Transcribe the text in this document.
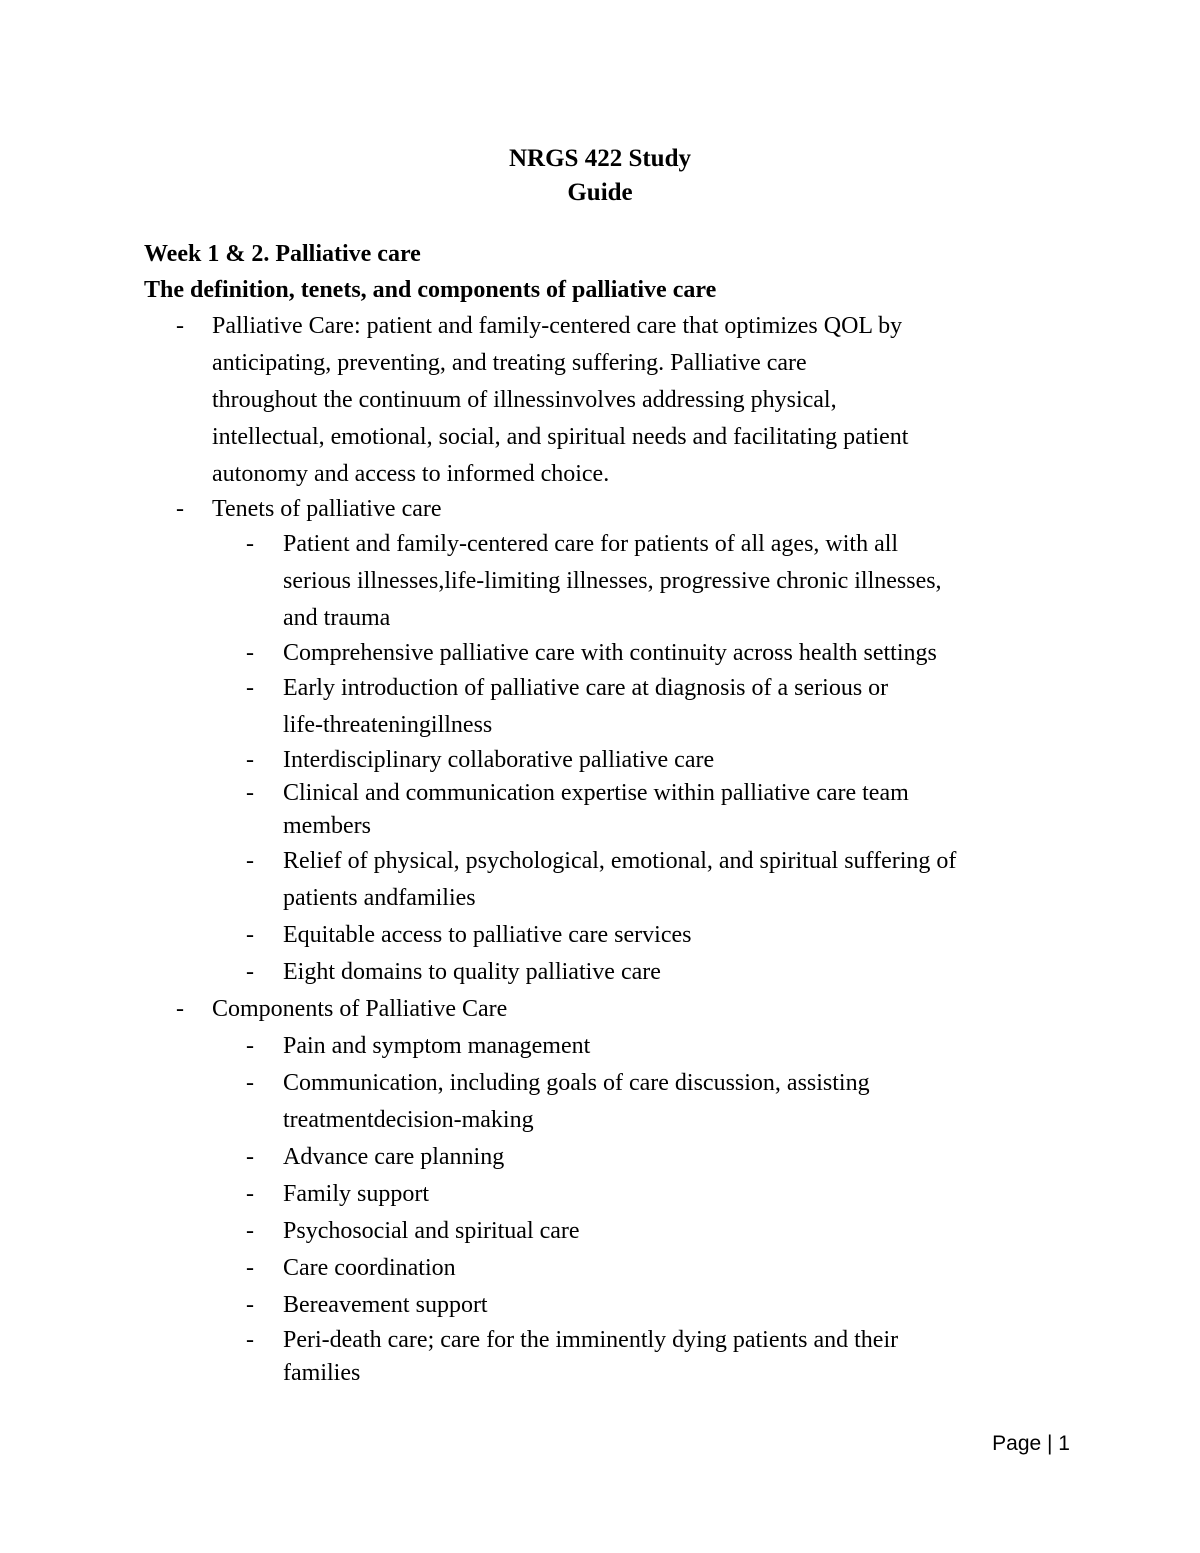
NRGS 422 Study
Guide
Week 1 & 2. Palliative care
The definition, tenets, and components of palliative care
- Palliative Care: patient and family-centered care that optimizes QOL by
anticipating, preventing, and treating suffering. Palliative care
throughout the continuum of illnessinvolves addressing physical,
intellectual, emotional, social, and spiritual needs and facilitating patient
autonomy and access to informed choice.
- Tenets of palliative care
- Patient and family-centered care for patients of all ages, with all
serious illnesses,life-limiting illnesses, progressive chronic illnesses,
and trauma
- Comprehensive palliative care with continuity across health settings
- Early introduction of palliative care at diagnosis of a serious or
life-threateningillness
- Interdisciplinary collaborative palliative care
- Clinical and communication expertise within palliative care team
members
- Relief of physical, psychological, emotional, and spiritual suffering of
patients andfamilies
- Equitable access to palliative care services
- Eight domains to quality palliative care
- Components of Palliative Care
- Pain and symptom management
- Communication, including goals of care discussion, assisting
treatmentdecision-making
- Advance care planning
- Family support
- Psychosocial and spiritual care
- Care coordination
- Bereavement support
- Peri-death care; care for the imminently dying patients and their
families
Page | 1
